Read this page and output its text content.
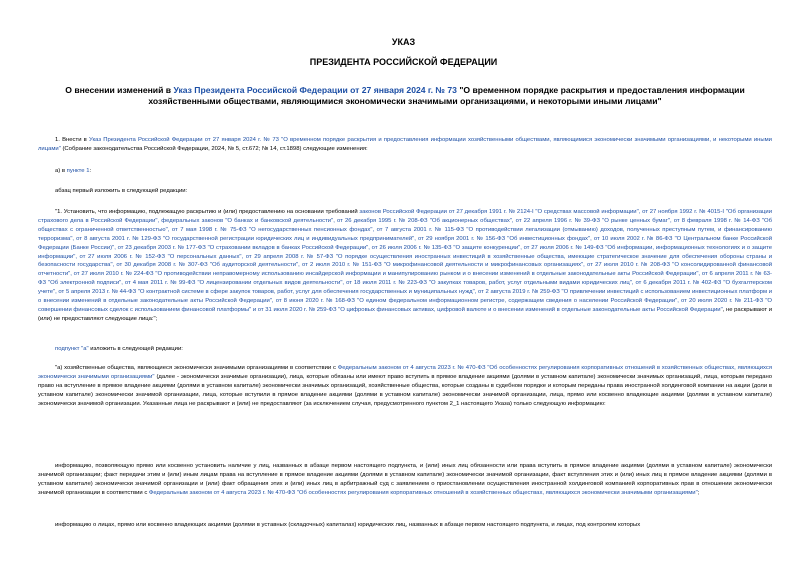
УКАЗ
ПРЕЗИДЕНТА РОССИЙСКОЙ ФЕДЕРАЦИИ
О внесении изменений в Указ Президента Российской Федерации от 27 января 2024 г. № 73 "О временном порядке раскрытия и предоставления информации хозяйственными обществами, являющимися экономически значимыми организациями, и некоторыми иными лицами"
1. Внести в Указ Президента Российской Федерации от 27 января 2024 г. № 73 "О временном порядке раскрытия и предоставления информации хозяйственными обществами, являющимися экономически значимыми организациями, и некоторыми иными лицами" (Собрание законодательства Российской Федерации, 2024, № 5, ст.672; № 14, ст.1898) следующие изменения:
а) в пункте 1:
абзац первый изложить в следующей редакции:
"1. Установить, что информацию, подлежащую раскрытию и (или) предоставлению на основании требований законов Российской Федерации от 27 декабря 1991 г. № 2124-I "О средствах массовой информации", от 27 ноября 1992 г. № 4015-I "Об организации страхового дела в Российской Федерации", федеральных законов "О банках и банковской деятельности", от 26 декабря 1995 г. № 208-ФЗ "Об акционерных обществах", от 22 апреля 1996 г. № 39-ФЗ "О рынке ценных бумаг", от 8 февраля 1998 г. № 14-ФЗ "Об обществах с ограниченной ответственностью", от 7 мая 1998 г. № 75-ФЗ "О негосударственных пенсионных фондах", от 7 августа 2001 г. № 115-ФЗ "О противодействии легализации (отмыванию) доходов, полученных преступным путем, и финансированию терроризма", от 8 августа 2001 г. № 129-ФЗ "О государственной регистрации юридических лиц и индивидуальных предпринимателей", от 29 ноября 2001 г. № 156-ФЗ "Об инвестиционных фондах", от 10 июля 2002 г. № 86-ФЗ "О Центральном банке Российской Федерации (Банке России)", от 23 декабря 2003 г. № 177-ФЗ "О страховании вкладов в банках Российской Федерации", от 26 июля 2006 г. № 135-ФЗ "О защите конкуренции", от 27 июля 2006 г. № 149-ФЗ "Об информации, информационных технологиях и о защите информации", от 27 июля 2006 г. № 152-ФЗ "О персональных данных", от 29 апреля 2008 г. № 57-ФЗ "О порядке осуществления иностранных инвестиций в хозяйственные общества, имеющие стратегическое значение для обеспечения обороны страны и безопасности государства", от 30 декабря 2008 г. № 307-ФЗ "Об аудиторской деятельности", от 2 июля 2010 г. № 151-ФЗ "О микрофинансовой деятельности и микрофинансовых организациях", от 27 июля 2010 г. № 208-ФЗ "О консолидированной финансовой отчетности", от 27 июля 2010 г. № 224-ФЗ "О противодействии неправомерному использованию инсайдерской информации и манипулированию рынком и о внесении изменений в отдельные законодательные акты Российской Федерации", от 6 апреля 2011 г. № 63-ФЗ "Об электронной подписи", от 4 мая 2011 г. № 99-ФЗ "О лицензировании отдельных видов деятельности", от 18 июля 2011 г. № 223-ФЗ "О закупках товаров, работ, услуг отдельными видами юридических лиц", от 6 декабря 2011 г. № 402-ФЗ "О бухгалтерском учете", от 5 апреля 2013 г. № 44-ФЗ "О контрактной системе в сфере закупок товаров, работ, услуг для обеспечения государственных и муниципальных нужд", от 2 августа 2019 г. № 259-ФЗ "О привлечении инвестиций с использованием инвестиционных платформ и о внесении изменений в отдельные законодательные акты Российской Федерации", от 8 июня 2020 г. № 168-ФЗ "О едином федеральном информационном регистре, содержащем сведения о населении Российской Федерации", от 20 июля 2020 г. № 211-ФЗ "О совершении финансовых сделок с использованием финансовой платформы" и от 31 июля 2020 г. № 259-ФЗ "О цифровых финансовых активах, цифровой валюте и о внесении изменений в отдельные законодательные акты Российской Федерации", не раскрывают и (или) не предоставляют следующие лица:";
подпункт "а" изложить в следующей редакции:
"а) хозяйственные общества, являющиеся экономически значимыми организациями в соответствии с Федеральным законом от 4 августа 2023 г. № 470-ФЗ "Об особенностях регулирования корпоративных отношений в хозяйственных обществах, являющихся экономически значимыми организациями" (далее - экономически значимые организации), лица, которые обязаны или имеют право вступить в прямое владение акциями (долями в уставном капитале) экономически значимых организаций, лица, которым передано право на вступление в прямое владение акциями (долями в уставном капитале) экономически значимых организаций, хозяйственные общества, которые созданы в судебном порядке и которым переданы права иностранной холдинговой компании на акции (доли в уставном капитале) экономически значимой организации, лица, которые вступили в прямое владение акциями (долями в уставном капитале) экономически значимой организации, лица, прямо или косвенно владеющие акциями (долями в уставном капитале) экономически значимой организации. Указанные лица не раскрывают и (или) не предоставляют (за исключением случая, предусмотренного пунктом 2_1 настоящего Указа) только следующую информацию:
информацию, позволяющую прямо или косвенно установить наличие у лиц, названных в абзаце первом настоящего подпункта, и (или) иных лиц обязанности или права вступить в прямое владение акциями (долями в уставном капитале) экономически значимой организации; факт передачи этим и (или) иным лицам права на вступление в прямое владение акциями (долями в уставном капитале) экономически значимой организации, факт вступления этих и (или) иных лиц в прямое владение акциями (долями в уставном капитале) экономически значимой организации и (или) факт обращения этих и (или) иных лиц в арбитражный суд с заявлением о приостановлении осуществления иностранной холдинговой компанией корпоративных прав в отношении экономически значимой организации в соответствии с Федеральным законом от 4 августа 2023 г. № 470-ФЗ "Об особенностях регулирования корпоративных отношений в хозяйственных обществах, являющихся экономически значимыми организациями";
информацию о лицах, прямо или косвенно владеющих акциями (долями в уставных (складочных) капиталах) юридических лиц, названных в абзаце первом настоящего подпункта, и лицах, под контролем которых
